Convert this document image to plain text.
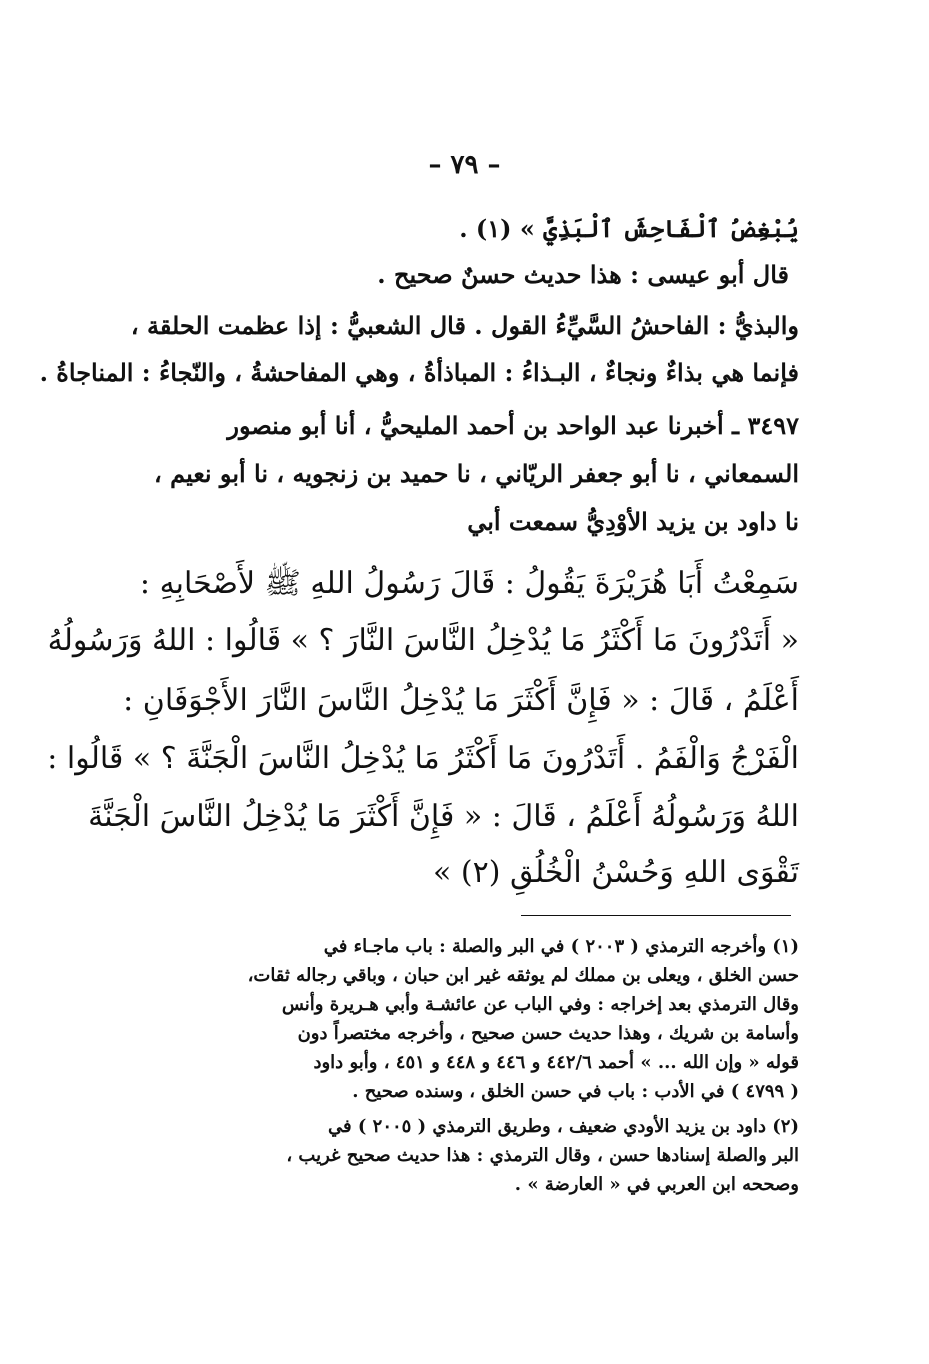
– ٧٩ –
يُبْغِضُ ٱلْفَاحِشَ ٱلْبَذِيَّ » (١) .
قال أبو عيسى : هذا حديث حسنٌ صحيح .
والبذيُّ : الفاحشُ السَّيِّءُ القول . قال الشعبيُّ : إذا عظمت الحلقة ،
فإنما هي بذاءٌ ونجاءٌ ، البـذاءُ : المباذأةُ ، وهي المفاحشةُ ، والنّجاءُ : المناجاةُ .
٣٤٩٧ ـ أخبرنا عبد الواحد بن أحمد المليحيُّ ، أنا أبو منصور
السمعاني ، نا أبو جعفر الريّاني ، نا حميد بن زنجويه ، نا أبو نعيم ،
نا داود بن يزيد الأوْدِيُّ سمعت أبي
سَمِعْتُ أَبَا هُرَيْرَةَ يَقُولُ : قَالَ رَسُولُ اللهِ ﷺ لأَصْحَابِهِ :
« أَتَدْرُونَ مَا أَكْثَرُ مَا يُدْخِلُ النَّاسَ النَّارَ ؟ » قَالُوا : اللهُ وَرَسُولُهُ
أَعْلَمُ ، قَالَ : « فَإِنَّ أَكْثَرَ مَا يُدْخِلُ النَّاسَ النَّارَ الأَجْوَفَانِ :
الْفَرْجُ وَالْفَمُ . أَتَدْرُونَ مَا أَكْثَرُ مَا يُدْخِلُ النَّاسَ الْجَنَّةَ ؟ » قَالُوا :
اللهُ وَرَسُولُهُ أَعْلَمُ ، قَالَ : « فَإِنَّ أَكْثَرَ مَا يُدْخِلُ النَّاسَ الْجَنَّةَ
تَقْوَى اللهِ وَحُسْنُ الْخُلُقِ (٢) »
(١) وأخرجه الترمذي ( ٢٠٠٣ ) في البر والصلة : باب ماجـاء في
حسن الخلق ، ويعلى بن مملك لم يوثقه غير ابن حبان ، وباقي رجاله ثقات،
وقال الترمذي بعد إخراجه : وفي الباب عن عائشـة وأبي هـريرة وأنس
وأسامة بن شريك ، وهذا حديث حسن صحيح ، وأخرجه مختصراً دون
قوله « وإن الله ... » أحمد ٤٤٢/٦ و ٤٤٦ و ٤٤٨ و ٤٥١ ، وأبو داود
( ٤٧٩٩ ) في الأدب : باب في حسن الخلق ، وسنده صحيح .
(٢) داود بن يزيد الأودي ضعيف ، وطريق الترمذي ( ٢٠٠٥ ) في
البر والصلة إسنادها حسن ، وقال الترمذي : هذا حديث صحيح غريب ،
وصححه ابن العربي في « العارضة » .
